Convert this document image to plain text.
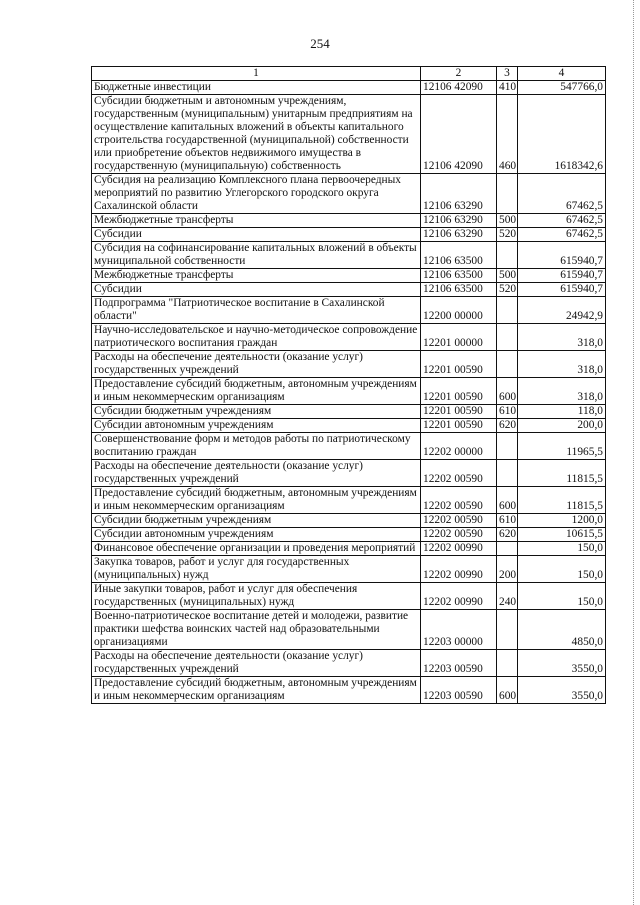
254
1	2	3	4
Бюджетные инвестиции	12106 42090	410	547766,0
Субсидии бюджетным и автономным учреждениям, государственным (муниципальным) унитарным предприятиям на осуществление капитальных вложений в объекты капитального строительства государственной (муниципальной) собственности или приобретение объектов недвижимого имущества в государственную (муниципальную) собственность	12106 42090	460	1618342,6
Субсидия на реализацию Комплексного плана первоочередных мероприятий по развитию Углегорского городского округа Сахалинской области	12106 63290		67462,5
Межбюджетные трансферты	12106 63290	500	67462,5
Субсидии	12106 63290	520	67462,5
Субсидия на софинансирование капитальных вложений в объекты муниципальной собственности	12106 63500		615940,7
Межбюджетные трансферты	12106 63500	500	615940,7
Субсидии	12106 63500	520	615940,7
Подпрограмма "Патриотическое воспитание в Сахалинской области"	12200 00000		24942,9
Научно-исследовательское и научно-методическое сопровождение патриотического воспитания граждан	12201 00000		318,0
Расходы на обеспечение деятельности (оказание услуг) государственных учреждений	12201 00590		318,0
Предоставление субсидий бюджетным, автономным учреждениям и иным некоммерческим организациям	12201 00590	600	318,0
Субсидии бюджетным учреждениям	12201 00590	610	118,0
Субсидии автономным учреждениям	12201 00590	620	200,0
Совершенствование форм и методов работы по патриотическому воспитанию граждан	12202 00000		11965,5
Расходы на обеспечение деятельности (оказание услуг) государственных учреждений	12202 00590		11815,5
Предоставление субсидий бюджетным, автономным учреждениям и иным некоммерческим организациям	12202 00590	600	11815,5
Субсидии бюджетным учреждениям	12202 00590	610	1200,0
Субсидии автономным учреждениям	12202 00590	620	10615,5
Финансовое обеспечение организации и проведения мероприятий	12202 00990		150,0
Закупка товаров, работ и услуг для государственных (муниципальных) нужд	12202 00990	200	150,0
Иные закупки товаров, работ и услуг для обеспечения государственных (муниципальных) нужд	12202 00990	240	150,0
Военно-патриотическое воспитание детей и молодежи, развитие практики шефства воинских частей над образовательными организациями	12203 00000		4850,0
Расходы на обеспечение деятельности (оказание услуг) государственных учреждений	12203 00590		3550,0
Предоставление субсидий бюджетным, автономным учреждениям и иным некоммерческим организациям	12203 00590	600	3550,0
